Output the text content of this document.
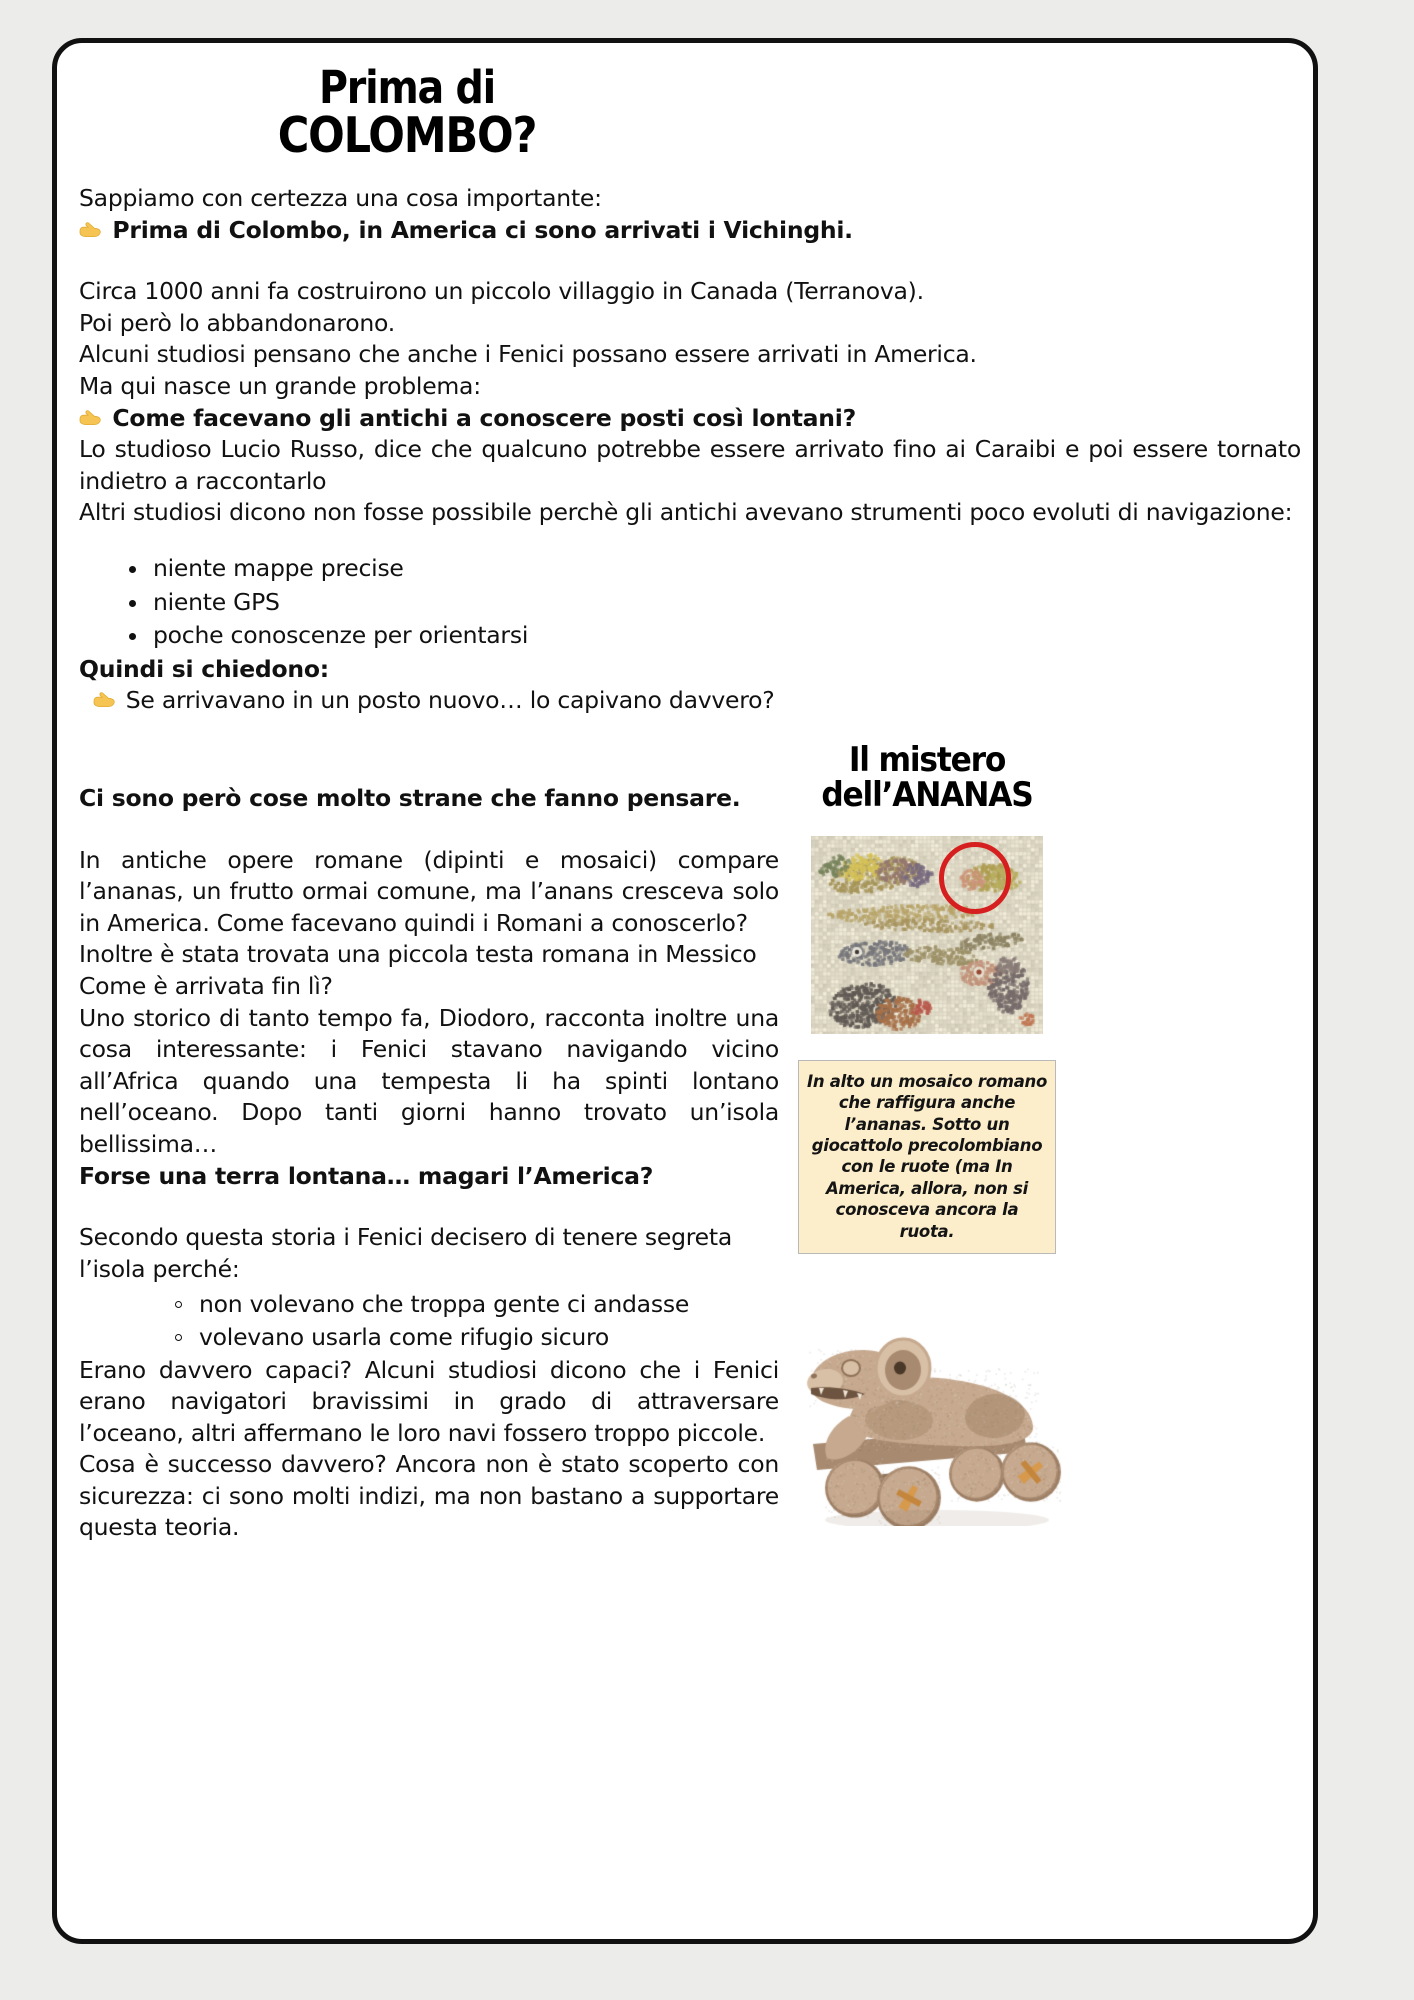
Prima di
COLOMBO?

Sappiamo con certezza una cosa importante:

Prima di Colombo, in America ci sono arrivati i Vichinghi.

Circa 1000 anni fa costruirono un piccolo villaggio in Canada (Terranova).

Poi però lo abbandonarono.

Alcuni studiosi pensano che anche i Fenici possano essere arrivati in America.

Ma qui nasce un grande problema:

Come facevano gli antichi a conoscere posti così lontani?

Lo studioso Lucio Russo, dice che qualcuno potrebbe essere arrivato fino ai Caraibi e poi essere tornato indietro a raccontarlo

Altri studiosi dicono non fosse possibile perchè gli antichi avevano strumenti poco evoluti di navigazione:

niente mappe precise
niente GPS
poche conoscenze per orientarsi

Quindi si chiedono:

Se arrivavano in un posto nuovo… lo capivano davvero?

Ci sono però cose molto strane che fanno pensare.

In antiche opere romane (dipinti e mosaici) compare l’ananas, un frutto ormai comune, ma l’anans cresceva solo in America. Come facevano quindi i Romani a conoscerlo?

Inoltre è stata trovata una piccola testa romana in Messico

Come è arrivata fin lì?

Uno storico di tanto tempo fa, Diodoro, racconta inoltre una cosa interessante: i Fenici stavano navigando vicino all’Africa quando una tempesta li ha spinti lontano nell’oceano. Dopo tanti giorni hanno trovato un’isola bellissima…

Forse una terra lontana… magari l’America?

Secondo questa storia i Fenici decisero di tenere segreta l’isola perché:

non volevano che troppa gente ci andasse
volevano usarla come rifugio sicuro

Erano davvero capaci? Alcuni studiosi dicono che i Fenici erano navigatori bravissimi in grado di attraversare l’oceano, altri affermano le loro navi fossero troppo piccole.

Cosa è successo davvero? Ancora non è stato scoperto con sicurezza: ci sono molti indizi, ma non bastano a supportare questa teoria.

Il mistero
dell’ANANAS
In alto un mosaico romano che raffigura anche l’ananas. Sotto un giocattolo precolombiano con le ruote (ma In America, allora, non si conosceva ancora la ruota.
